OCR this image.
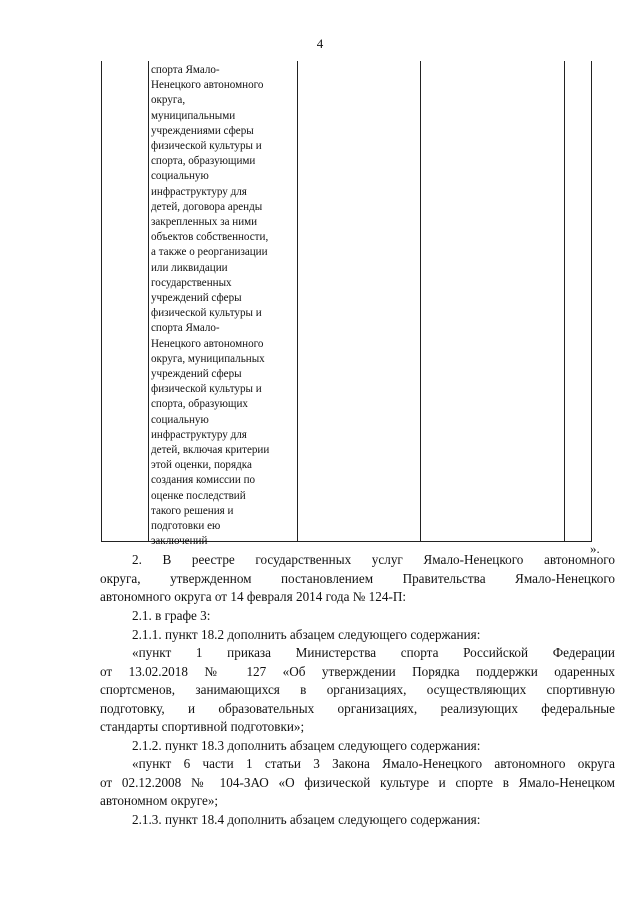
4
спорта Ямало-
Ненецкого автономного
округа,
муниципальными
учреждениями сферы
физической культуры и
спорта, образующими
социальную
инфраструктуру для
детей, договора аренды
закрепленных за ними
объектов собственности,
а также о реорганизации
или ликвидации
государственных
учреждений сферы
физической культуры и
спорта Ямало-
Ненецкого автономного
округа, муниципальных
учреждений сферы
физической культуры и
спорта, образующих
социальную
инфраструктуру для
детей, включая критерии
этой оценки, порядка
создания комиссии по
оценке последствий
такого решения и
подготовки ею
заключений	».
2. В реестре государственных услуг Ямало-Ненецкого автономного
округа, утвержденном постановлением Правительства Ямало-Ненецкого
автономного округа от 14 февраля 2014 года № 124-П:
2.1. в графе 3:
2.1.1. пункт 18.2 дополнить абзацем следующего содержания:
«пункт 1 приказа Министерства спорта Российской Федерации
от 13.02.2018 № 127 «Об утверждении Порядка поддержки одаренных
спортсменов, занимающихся в организациях, осуществляющих спортивную
подготовку, и образовательных организациях, реализующих федеральные
стандарты спортивной подготовки»;
2.1.2. пункт 18.3 дополнить абзацем следующего содержания:
«пункт 6 части 1 статьи 3 Закона Ямало-Ненецкого автономного округа
от 02.12.2008 № 104-ЗАО «О физической культуре и спорте в Ямало-Ненецком
автономном округе»;
2.1.3. пункт 18.4 дополнить абзацем следующего содержания:
